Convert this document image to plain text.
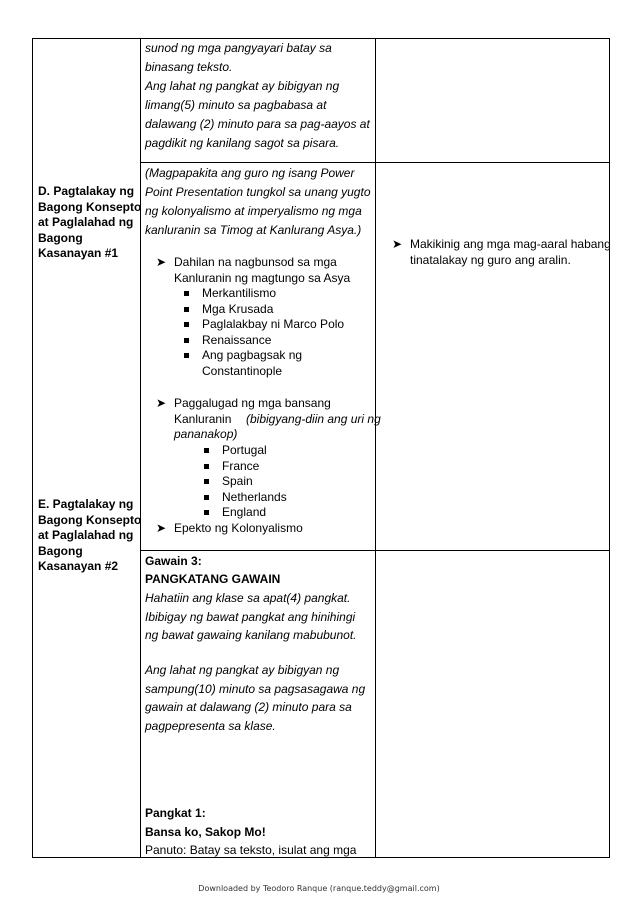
D. Pagtalakay ng
Bagong Konsepto
at Paglalahad ng
Bagong
Kasanayan #1
E. Pagtalakay ng
Bagong Konsepto
at Paglalahad ng
Bagong
Kasanayan #2
sunod ng mga pangyayari batay sa
binasang teksto.
Ang lahat ng pangkat ay bibigyan ng
limang(5) minuto sa pagbabasa at
dalawang (2) minuto para sa pag-aayos at
pagdikit ng kanilang sagot sa pisara.
(Magpapakita ang guro ng isang Power
Point Presentation tungkol sa unang yugto
ng kolonyalismo at imperyalismo ng mga
kanluranin sa Timog at Kanlurang Asya.)
➤ Dahilan na nagbunsod sa mga
Kanluranin ng magtungo sa Asya
Merkantilismo
Mga Krusada
Paglalakbay ni Marco Polo
Renaissance
Ang pagbagsak ng
Constantinople
➤ Paggalugad ng mga bansang
Kanluranin (bibigyang-diin ang uri ng
pananakop)
Portugal
France
Spain
Netherlands
England
➤ Epekto ng Kolonyalismo
➤ Makikinig ang mga mag-aaral habang
tinatalakay ng guro ang aralin.
Gawain 3:
PANGKATANG GAWAIN
Hahatiin ang klase sa apat(4) pangkat.
Ibibigay ng bawat pangkat ang hinihingi
ng bawat gawaing kanilang mabubunot.
Ang lahat ng pangkat ay bibigyan ng
sampung(10) minuto sa pagsasagawa ng
gawain at dalawang (2) minuto para sa
pagpepresenta sa klase.
Pangkat 1:
Bansa ko, Sakop Mo!
Panuto: Batay sa teksto, isulat ang mga
Downloaded by Teodoro Ranque (ranque.teddy@gmail.com)
